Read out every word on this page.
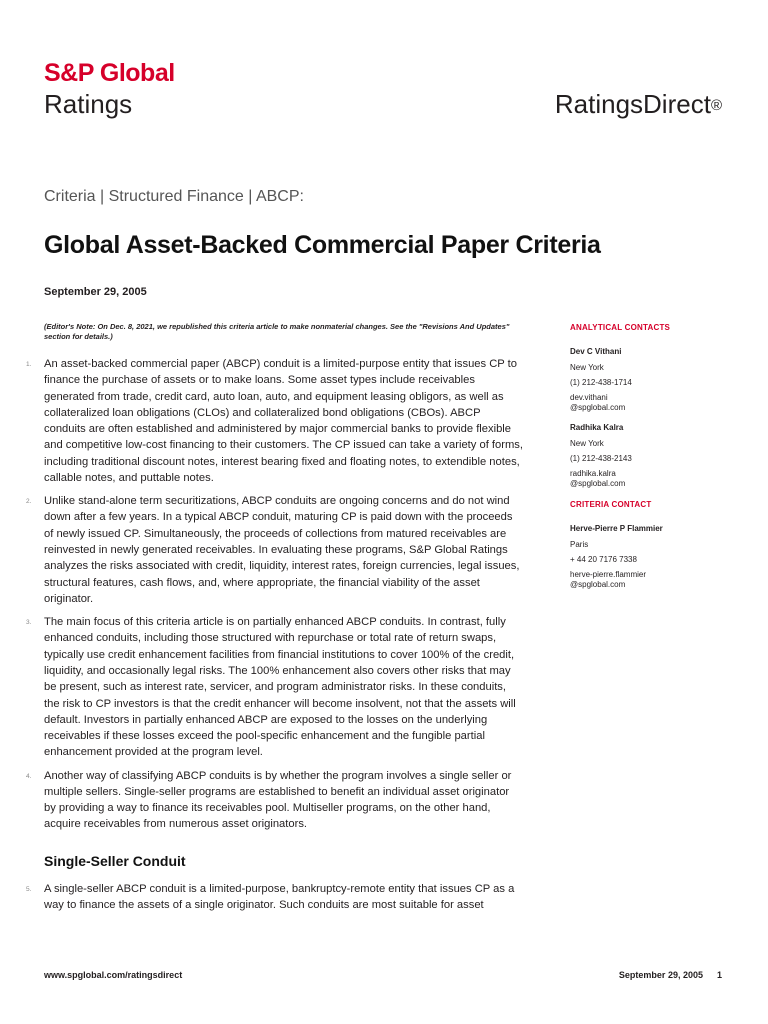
S&P Global
Ratings	RatingsDirect®
Criteria | Structured Finance | ABCP:
Global Asset-Backed Commercial Paper Criteria
September 29, 2005
(Editor's Note: On Dec. 8, 2021, we republished this criteria article to make nonmaterial changes. See the "Revisions And Updates" section for details.)
1. An asset-backed commercial paper (ABCP) conduit is a limited-purpose entity that issues CP to finance the purchase of assets or to make loans. Some asset types include receivables generated from trade, credit card, auto loan, auto, and equipment leasing obligors, as well as collateralized loan obligations (CLOs) and collateralized bond obligations (CBOs). ABCP conduits are often established and administered by major commercial banks to provide flexible and competitive low-cost financing to their customers. The CP issued can take a variety of forms, including traditional discount notes, interest bearing fixed and floating notes, to extendible notes, callable notes, and puttable notes.
2. Unlike stand-alone term securitizations, ABCP conduits are ongoing concerns and do not wind down after a few years. In a typical ABCP conduit, maturing CP is paid down with the proceeds of newly issued CP. Simultaneously, the proceeds of collections from matured receivables are reinvested in newly generated receivables. In evaluating these programs, S&P Global Ratings analyzes the risks associated with credit, liquidity, interest rates, foreign currencies, legal issues, structural features, cash flows, and, where appropriate, the financial viability of the asset originator.
3. The main focus of this criteria article is on partially enhanced ABCP conduits. In contrast, fully enhanced conduits, including those structured with repurchase or total rate of return swaps, typically use credit enhancement facilities from financial institutions to cover 100% of the credit, liquidity, and occasionally legal risks. The 100% enhancement also covers other risks that may be present, such as interest rate, servicer, and program administrator risks. In these conduits, the risk to CP investors is that the credit enhancer will become insolvent, not that the assets will default. Investors in partially enhanced ABCP are exposed to the losses on the underlying receivables if these losses exceed the pool-specific enhancement and the fungible partial enhancement provided at the program level.
4. Another way of classifying ABCP conduits is by whether the program involves a single seller or multiple sellers. Single-seller programs are established to benefit an individual asset originator by providing a way to finance its receivables pool. Multiseller programs, on the other hand, acquire receivables from numerous asset originators.
Single-Seller Conduit
5. A single-seller ABCP conduit is a limited-purpose, bankruptcy-remote entity that issues CP as a way to finance the assets of a single originator. Such conduits are most suitable for asset
ANALYTICAL CONTACTS
Dev C Vithani
New York
(1) 212-438-1714
dev.vithani
@spglobal.com
Radhika Kalra
New York
(1) 212-438-2143
radhika.kalra
@spglobal.com
CRITERIA CONTACT
Herve-Pierre P Flammier
Paris
+ 44 20 7176 7338
herve-pierre.flammier
@spglobal.com
www.spglobal.com/ratingsdirect	September 29, 2005 1
